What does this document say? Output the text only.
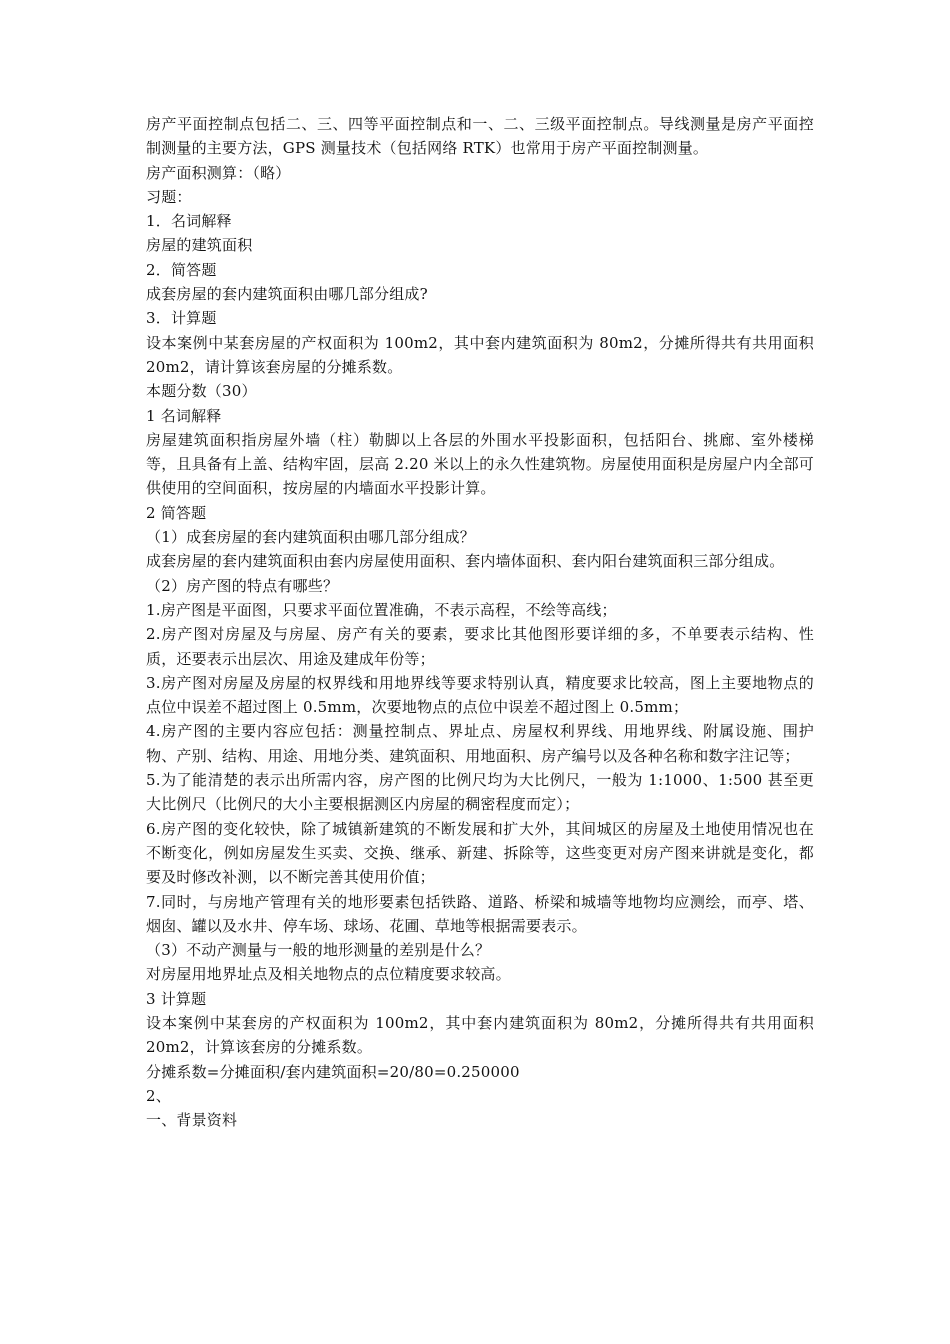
房产平面控制点包括二、三、四等平面控制点和一、二、三级平面控制点。导线测量是房产平面控制测量的主要方法，GPS 测量技术（包括网络 RTK）也常用于房产平面控制测量。

房产面积测算：（略）

习题：

1．名词解释

房屋的建筑面积

2．简答题

成套房屋的套内建筑面积由哪几部分组成?

3．计算题

设本案例中某套房屋的产权面积为 100m2，其中套内建筑面积为 80m2，分摊所得共有共用面积 20m2，请计算该套房屋的分摊系数。

本题分数（30）

1 名词解释

房屋建筑面积指房屋外墙（柱）勒脚以上各层的外围水平投影面积，包括阳台、挑廊、室外楼梯等，且具备有上盖、结构牢固，层高 2.20 米以上的永久性建筑物。房屋使用面积是房屋户内全部可供使用的空间面积，按房屋的内墙面水平投影计算。

2 简答题

（1）成套房屋的套内建筑面积由哪几部分组成？

成套房屋的套内建筑面积由套内房屋使用面积、套内墙体面积、套内阳台建筑面积三部分组成。

（2）房产图的特点有哪些？

1.房产图是平面图，只要求平面位置准确，不表示高程，不绘等高线；

2.房产图对房屋及与房屋、房产有关的要素，要求比其他图形要详细的多，不单要表示结构、性质，还要表示出层次、用途及建成年份等；

3.房产图对房屋及房屋的权界线和用地界线等要求特别认真，精度要求比较高，图上主要地物点的点位中误差不超过图上 0.5mm，次要地物点的点位中误差不超过图上 0.5mm；

4.房产图的主要内容应包括：测量控制点、界址点、房屋权利界线、用地界线、附属设施、围护物、产别、结构、用途、用地分类、建筑面积、用地面积、房产编号以及各种名称和数字注记等；

5.为了能清楚的表示出所需内容，房产图的比例尺均为大比例尺，一般为 1:1000、1:500 甚至更大比例尺（比例尺的大小主要根据测区内房屋的稠密程度而定）；

6.房产图的变化较快，除了城镇新建筑的不断发展和扩大外，其间城区的房屋及土地使用情况也在不断变化，例如房屋发生买卖、交换、继承、新建、拆除等，这些变更对房产图来讲就是变化，都要及时修改补测，以不断完善其使用价值；

7.同时，与房地产管理有关的地形要素包括铁路、道路、桥梁和城墙等地物均应测绘，而亭、塔、烟囱、罐以及水井、停车场、球场、花圃、草地等根据需要表示。

（3）不动产测量与一般的地形测量的差别是什么？

对房屋用地界址点及相关地物点的点位精度要求较高。

3 计算题

设本案例中某套房的产权面积为 100m2，其中套内建筑面积为 80m2，分摊所得共有共用面积 20m2，计算该套房的分摊系数。

分摊系数=分摊面积/套内建筑面积=20/80=0.250000

2、

一、背景资料
